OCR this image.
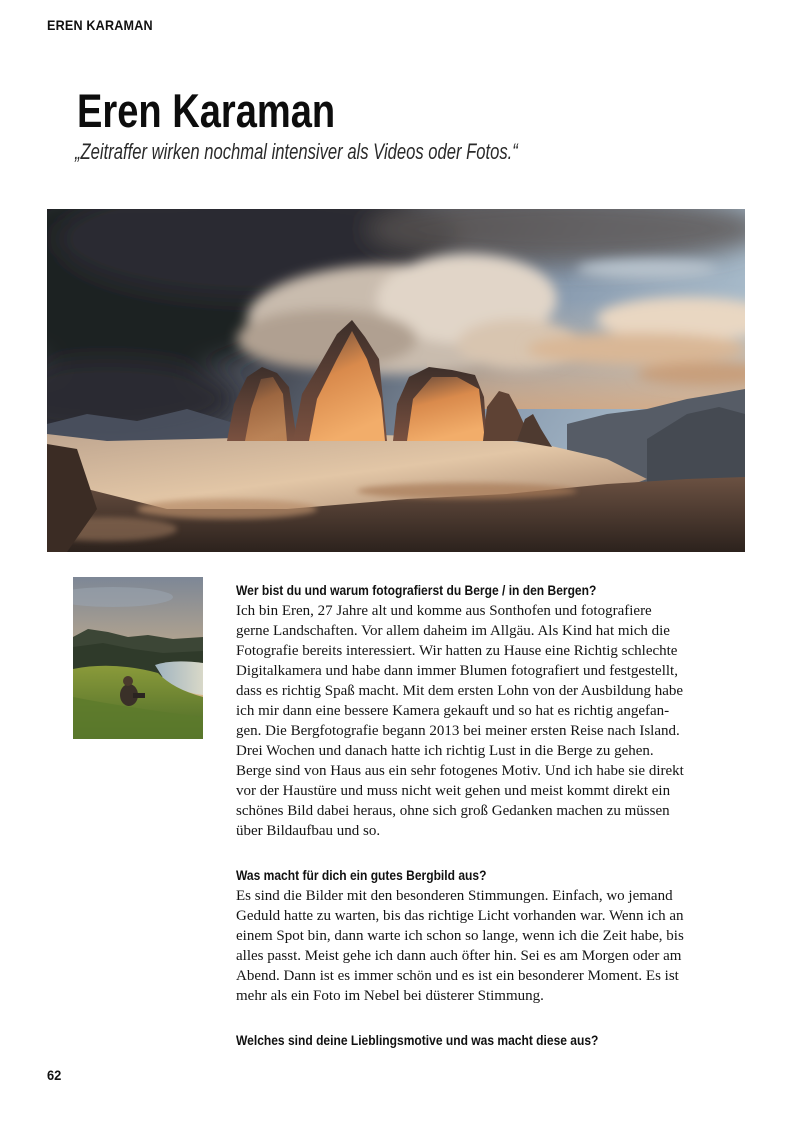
EREN KARAMAN
Eren Karaman
„Zeitraffer wirken nochmal intensiver als Videos oder Fotos.“
Wer bist du und warum fotografierst du Berge / in den Bergen?
Ich bin Eren, 27 Jahre alt und komme aus Sonthofen und fotografiere
gerne Landschaften. Vor allem daheim im Allgäu. Als Kind hat mich die
Fotografie bereits interessiert. Wir hatten zu Hause eine Richtig schlechte
Digitalkamera und habe dann immer Blumen fotografiert und festgestellt,
dass es richtig Spaß macht. Mit dem ersten Lohn von der Ausbildung habe
ich mir dann eine bessere Kamera gekauft und so hat es richtig angefan-
gen. Die Bergfotografie begann 2013 bei meiner ersten Reise nach Island.
Drei Wochen und danach hatte ich richtig Lust in die Berge zu gehen.
Berge sind von Haus aus ein sehr fotogenes Motiv. Und ich habe sie direkt
vor der Haustüre und muss nicht weit gehen und meist kommt direkt ein
schönes Bild dabei heraus, ohne sich groß Gedanken machen zu müssen
über Bildaufbau und so.
Was macht für dich ein gutes Bergbild aus?
Es sind die Bilder mit den besonderen Stimmungen. Einfach, wo jemand
Geduld hatte zu warten, bis das richtige Licht vorhanden war. Wenn ich an
einem Spot bin, dann warte ich schon so lange, wenn ich die Zeit habe, bis
alles passt. Meist gehe ich dann auch öfter hin. Sei es am Morgen oder am
Abend. Dann ist es immer schön und es ist ein besonderer Moment. Es ist
mehr als ein Foto im Nebel bei düsterer Stimmung.
Welches sind deine Lieblingsmotive und was macht diese aus?
62
